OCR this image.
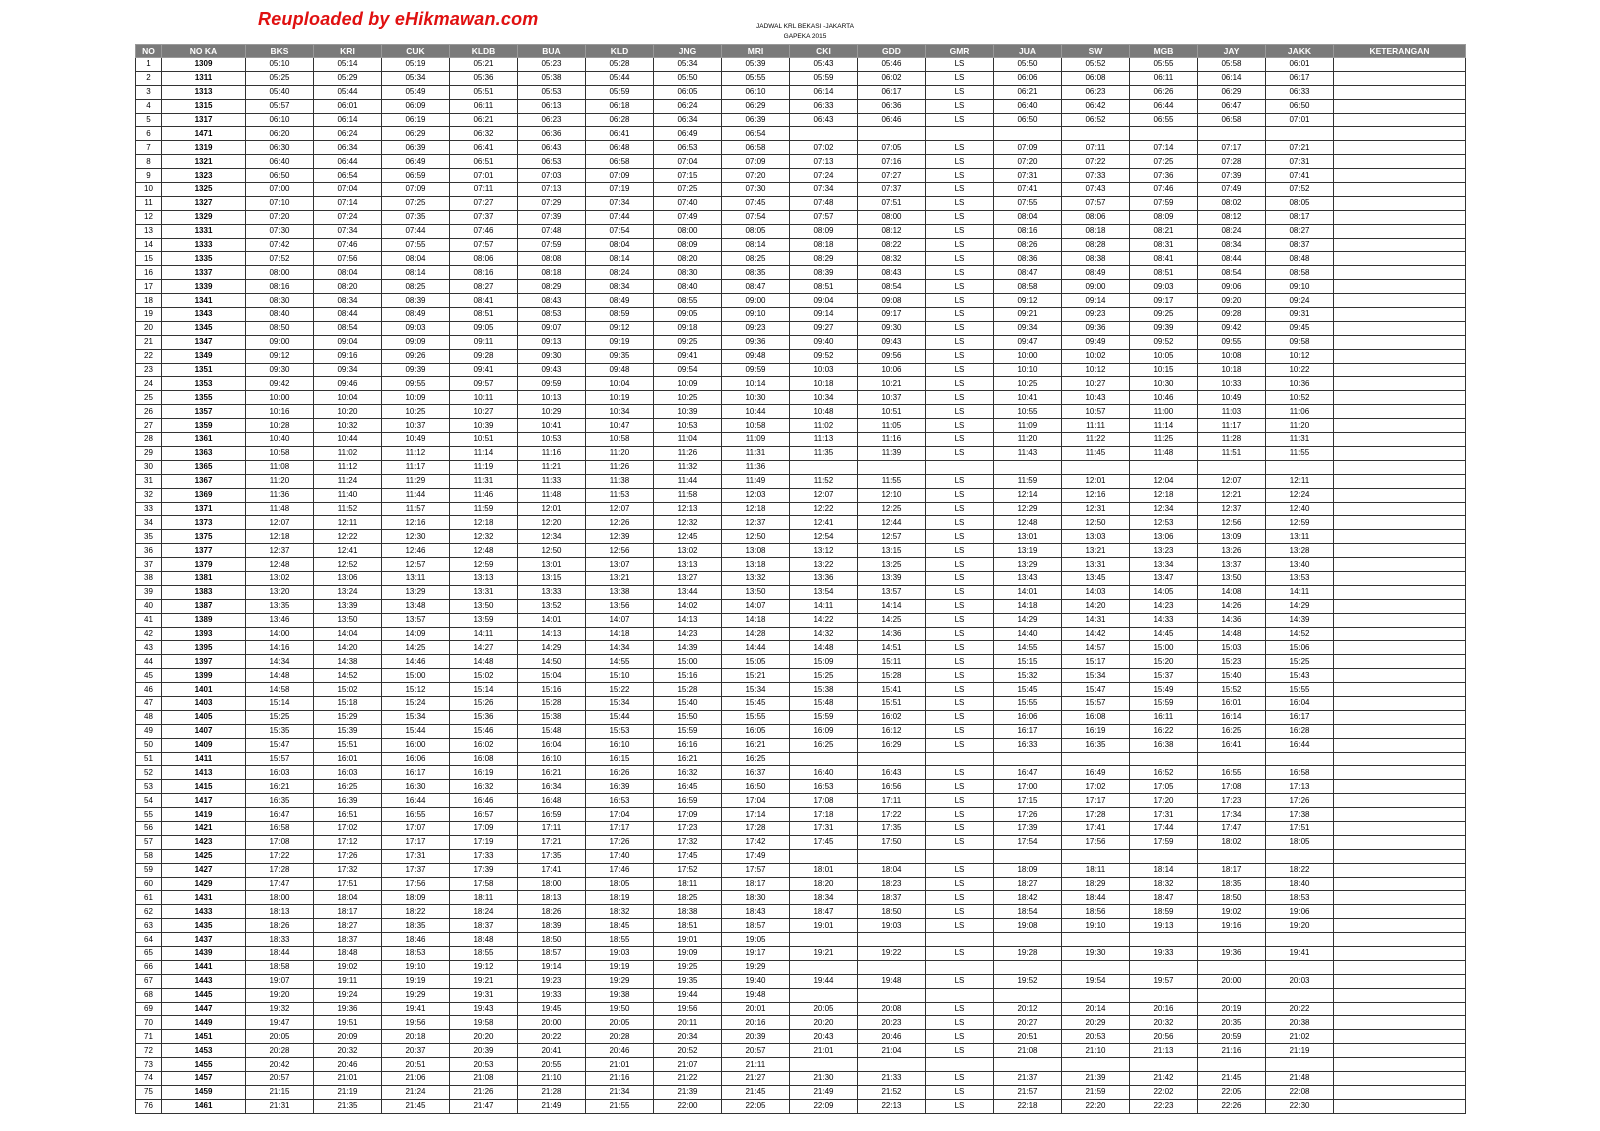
Reuploaded by eHikmawan.com	JADWAL KRL BEKASI -JAKARTA
GAPEKA 2015
NO	NO KA	BKS	KRI	CUK	KLDB	BUA	KLD	JNG	MRI	CKI	GDD	GMR	JUA	SW	MGB	JAY	JAKK	KETERANGAN
1	1309	05:10	05:14	05:19	05:21	05:23	05:28	05:34	05:39	05:43	05:46	LS	05:50	05:52	05:55	05:58	06:01	
2	1311	05:25	05:29	05:34	05:36	05:38	05:44	05:50	05:55	05:59	06:02	LS	06:06	06:08	06:11	06:14	06:17	
3	1313	05:40	05:44	05:49	05:51	05:53	05:59	06:05	06:10	06:14	06:17	LS	06:21	06:23	06:26	06:29	06:33	
4	1315	05:57	06:01	06:09	06:11	06:13	06:18	06:24	06:29	06:33	06:36	LS	06:40	06:42	06:44	06:47	06:50	
5	1317	06:10	06:14	06:19	06:21	06:23	06:28	06:34	06:39	06:43	06:46	LS	06:50	06:52	06:55	06:58	07:01	
6	1471	06:20	06:24	06:29	06:32	06:36	06:41	06:49	06:54									
7	1319	06:30	06:34	06:39	06:41	06:43	06:48	06:53	06:58	07:02	07:05	LS	07:09	07:11	07:14	07:17	07:21	
8	1321	06:40	06:44	06:49	06:51	06:53	06:58	07:04	07:09	07:13	07:16	LS	07:20	07:22	07:25	07:28	07:31	
9	1323	06:50	06:54	06:59	07:01	07:03	07:09	07:15	07:20	07:24	07:27	LS	07:31	07:33	07:36	07:39	07:41	
10	1325	07:00	07:04	07:09	07:11	07:13	07:19	07:25	07:30	07:34	07:37	LS	07:41	07:43	07:46	07:49	07:52	
11	1327	07:10	07:14	07:25	07:27	07:29	07:34	07:40	07:45	07:48	07:51	LS	07:55	07:57	07:59	08:02	08:05	
12	1329	07:20	07:24	07:35	07:37	07:39	07:44	07:49	07:54	07:57	08:00	LS	08:04	08:06	08:09	08:12	08:17	
13	1331	07:30	07:34	07:44	07:46	07:48	07:54	08:00	08:05	08:09	08:12	LS	08:16	08:18	08:21	08:24	08:27	
14	1333	07:42	07:46	07:55	07:57	07:59	08:04	08:09	08:14	08:18	08:22	LS	08:26	08:28	08:31	08:34	08:37	
15	1335	07:52	07:56	08:04	08:06	08:08	08:14	08:20	08:25	08:29	08:32	LS	08:36	08:38	08:41	08:44	08:48	
16	1337	08:00	08:04	08:14	08:16	08:18	08:24	08:30	08:35	08:39	08:43	LS	08:47	08:49	08:51	08:54	08:58	
17	1339	08:16	08:20	08:25	08:27	08:29	08:34	08:40	08:47	08:51	08:54	LS	08:58	09:00	09:03	09:06	09:10	
18	1341	08:30	08:34	08:39	08:41	08:43	08:49	08:55	09:00	09:04	09:08	LS	09:12	09:14	09:17	09:20	09:24	
19	1343	08:40	08:44	08:49	08:51	08:53	08:59	09:05	09:10	09:14	09:17	LS	09:21	09:23	09:25	09:28	09:31	
20	1345	08:50	08:54	09:03	09:05	09:07	09:12	09:18	09:23	09:27	09:30	LS	09:34	09:36	09:39	09:42	09:45	
21	1347	09:00	09:04	09:09	09:11	09:13	09:19	09:25	09:36	09:40	09:43	LS	09:47	09:49	09:52	09:55	09:58	
22	1349	09:12	09:16	09:26	09:28	09:30	09:35	09:41	09:48	09:52	09:56	LS	10:00	10:02	10:05	10:08	10:12	
23	1351	09:30	09:34	09:39	09:41	09:43	09:48	09:54	09:59	10:03	10:06	LS	10:10	10:12	10:15	10:18	10:22	
24	1353	09:42	09:46	09:55	09:57	09:59	10:04	10:09	10:14	10:18	10:21	LS	10:25	10:27	10:30	10:33	10:36	
25	1355	10:00	10:04	10:09	10:11	10:13	10:19	10:25	10:30	10:34	10:37	LS	10:41	10:43	10:46	10:49	10:52	
26	1357	10:16	10:20	10:25	10:27	10:29	10:34	10:39	10:44	10:48	10:51	LS	10:55	10:57	11:00	11:03	11:06	
27	1359	10:28	10:32	10:37	10:39	10:41	10:47	10:53	10:58	11:02	11:05	LS	11:09	11:11	11:14	11:17	11:20	
28	1361	10:40	10:44	10:49	10:51	10:53	10:58	11:04	11:09	11:13	11:16	LS	11:20	11:22	11:25	11:28	11:31	
29	1363	10:58	11:02	11:12	11:14	11:16	11:20	11:26	11:31	11:35	11:39	LS	11:43	11:45	11:48	11:51	11:55	
30	1365	11:08	11:12	11:17	11:19	11:21	11:26	11:32	11:36									
31	1367	11:20	11:24	11:29	11:31	11:33	11:38	11:44	11:49	11:52	11:55	LS	11:59	12:01	12:04	12:07	12:11	
32	1369	11:36	11:40	11:44	11:46	11:48	11:53	11:58	12:03	12:07	12:10	LS	12:14	12:16	12:18	12:21	12:24	
33	1371	11:48	11:52	11:57	11:59	12:01	12:07	12:13	12:18	12:22	12:25	LS	12:29	12:31	12:34	12:37	12:40	
34	1373	12:07	12:11	12:16	12:18	12:20	12:26	12:32	12:37	12:41	12:44	LS	12:48	12:50	12:53	12:56	12:59	
35	1375	12:18	12:22	12:30	12:32	12:34	12:39	12:45	12:50	12:54	12:57	LS	13:01	13:03	13:06	13:09	13:11	
36	1377	12:37	12:41	12:46	12:48	12:50	12:56	13:02	13:08	13:12	13:15	LS	13:19	13:21	13:23	13:26	13:28	
37	1379	12:48	12:52	12:57	12:59	13:01	13:07	13:13	13:18	13:22	13:25	LS	13:29	13:31	13:34	13:37	13:40	
38	1381	13:02	13:06	13:11	13:13	13:15	13:21	13:27	13:32	13:36	13:39	LS	13:43	13:45	13:47	13:50	13:53	
39	1383	13:20	13:24	13:29	13:31	13:33	13:38	13:44	13:50	13:54	13:57	LS	14:01	14:03	14:05	14:08	14:11	
40	1387	13:35	13:39	13:48	13:50	13:52	13:56	14:02	14:07	14:11	14:14	LS	14:18	14:20	14:23	14:26	14:29	
41	1389	13:46	13:50	13:57	13:59	14:01	14:07	14:13	14:18	14:22	14:25	LS	14:29	14:31	14:33	14:36	14:39	
42	1393	14:00	14:04	14:09	14:11	14:13	14:18	14:23	14:28	14:32	14:36	LS	14:40	14:42	14:45	14:48	14:52	
43	1395	14:16	14:20	14:25	14:27	14:29	14:34	14:39	14:44	14:48	14:51	LS	14:55	14:57	15:00	15:03	15:06	
44	1397	14:34	14:38	14:46	14:48	14:50	14:55	15:00	15:05	15:09	15:11	LS	15:15	15:17	15:20	15:23	15:25	
45	1399	14:48	14:52	15:00	15:02	15:04	15:10	15:16	15:21	15:25	15:28	LS	15:32	15:34	15:37	15:40	15:43	
46	1401	14:58	15:02	15:12	15:14	15:16	15:22	15:28	15:34	15:38	15:41	LS	15:45	15:47	15:49	15:52	15:55	
47	1403	15:14	15:18	15:24	15:26	15:28	15:34	15:40	15:45	15:48	15:51	LS	15:55	15:57	15:59	16:01	16:04	
48	1405	15:25	15:29	15:34	15:36	15:38	15:44	15:50	15:55	15:59	16:02	LS	16:06	16:08	16:11	16:14	16:17	
49	1407	15:35	15:39	15:44	15:46	15:48	15:53	15:59	16:05	16:09	16:12	LS	16:17	16:19	16:22	16:25	16:28	
50	1409	15:47	15:51	16:00	16:02	16:04	16:10	16:16	16:21	16:25	16:29	LS	16:33	16:35	16:38	16:41	16:44	
51	1411	15:57	16:01	16:06	16:08	16:10	16:15	16:21	16:25									
52	1413	16:03	16:03	16:17	16:19	16:21	16:26	16:32	16:37	16:40	16:43	LS	16:47	16:49	16:52	16:55	16:58	
53	1415	16:21	16:25	16:30	16:32	16:34	16:39	16:45	16:50	16:53	16:56	LS	17:00	17:02	17:05	17:08	17:13	
54	1417	16:35	16:39	16:44	16:46	16:48	16:53	16:59	17:04	17:08	17:11	LS	17:15	17:17	17:20	17:23	17:26	
55	1419	16:47	16:51	16:55	16:57	16:59	17:04	17:09	17:14	17:18	17:22	LS	17:26	17:28	17:31	17:34	17:38	
56	1421	16:58	17:02	17:07	17:09	17:11	17:17	17:23	17:28	17:31	17:35	LS	17:39	17:41	17:44	17:47	17:51	
57	1423	17:08	17:12	17:17	17:19	17:21	17:26	17:32	17:42	17:45	17:50	LS	17:54	17:56	17:59	18:02	18:05	
58	1425	17:22	17:26	17:31	17:33	17:35	17:40	17:45	17:49									
59	1427	17:28	17:32	17:37	17:39	17:41	17:46	17:52	17:57	18:01	18:04	LS	18:09	18:11	18:14	18:17	18:22	
60	1429	17:47	17:51	17:56	17:58	18:00	18:05	18:11	18:17	18:20	18:23	LS	18:27	18:29	18:32	18:35	18:40	
61	1431	18:00	18:04	18:09	18:11	18:13	18:19	18:25	18:30	18:34	18:37	LS	18:42	18:44	18:47	18:50	18:53	
62	1433	18:13	18:17	18:22	18:24	18:26	18:32	18:38	18:43	18:47	18:50	LS	18:54	18:56	18:59	19:02	19:06	
63	1435	18:26	18:27	18:35	18:37	18:39	18:45	18:51	18:57	19:01	19:03	LS	19:08	19:10	19:13	19:16	19:20	
64	1437	18:33	18:37	18:46	18:48	18:50	18:55	19:01	19:05									
65	1439	18:44	18:48	18:53	18:55	18:57	19:03	19:09	19:17	19:21	19:22	LS	19:28	19:30	19:33	19:36	19:41	
66	1441	18:58	19:02	19:10	19:12	19:14	19:19	19:25	19:29									
67	1443	19:07	19:11	19:19	19:21	19:23	19:29	19:35	19:40	19:44	19:48	LS	19:52	19:54	19:57	20:00	20:03	
68	1445	19:20	19:24	19:29	19:31	19:33	19:38	19:44	19:48									
69	1447	19:32	19:36	19:41	19:43	19:45	19:50	19:56	20:01	20:05	20:08	LS	20:12	20:14	20:16	20:19	20:22	
70	1449	19:47	19:51	19:56	19:58	20:00	20:05	20:11	20:16	20:20	20:23	LS	20:27	20:29	20:32	20:35	20:38	
71	1451	20:05	20:09	20:18	20:20	20:22	20:28	20:34	20:39	20:43	20:46	LS	20:51	20:53	20:56	20:59	21:02	
72	1453	20:28	20:32	20:37	20:39	20:41	20:46	20:52	20:57	21:01	21:04	LS	21:08	21:10	21:13	21:16	21:19	
73	1455	20:42	20:46	20:51	20:53	20:55	21:01	21:07	21:11									
74	1457	20:57	21:01	21:06	21:08	21:10	21:16	21:22	21:27	21:30	21:33	LS	21:37	21:39	21:42	21:45	21:48	
75	1459	21:15	21:19	21:24	21:26	21:28	21:34	21:39	21:45	21:49	21:52	LS	21:57	21:59	22:02	22:05	22:08	
76	1461	21:31	21:35	21:45	21:47	21:49	21:55	22:00	22:05	22:09	22:13	LS	22:18	22:20	22:23	22:26	22:30	
